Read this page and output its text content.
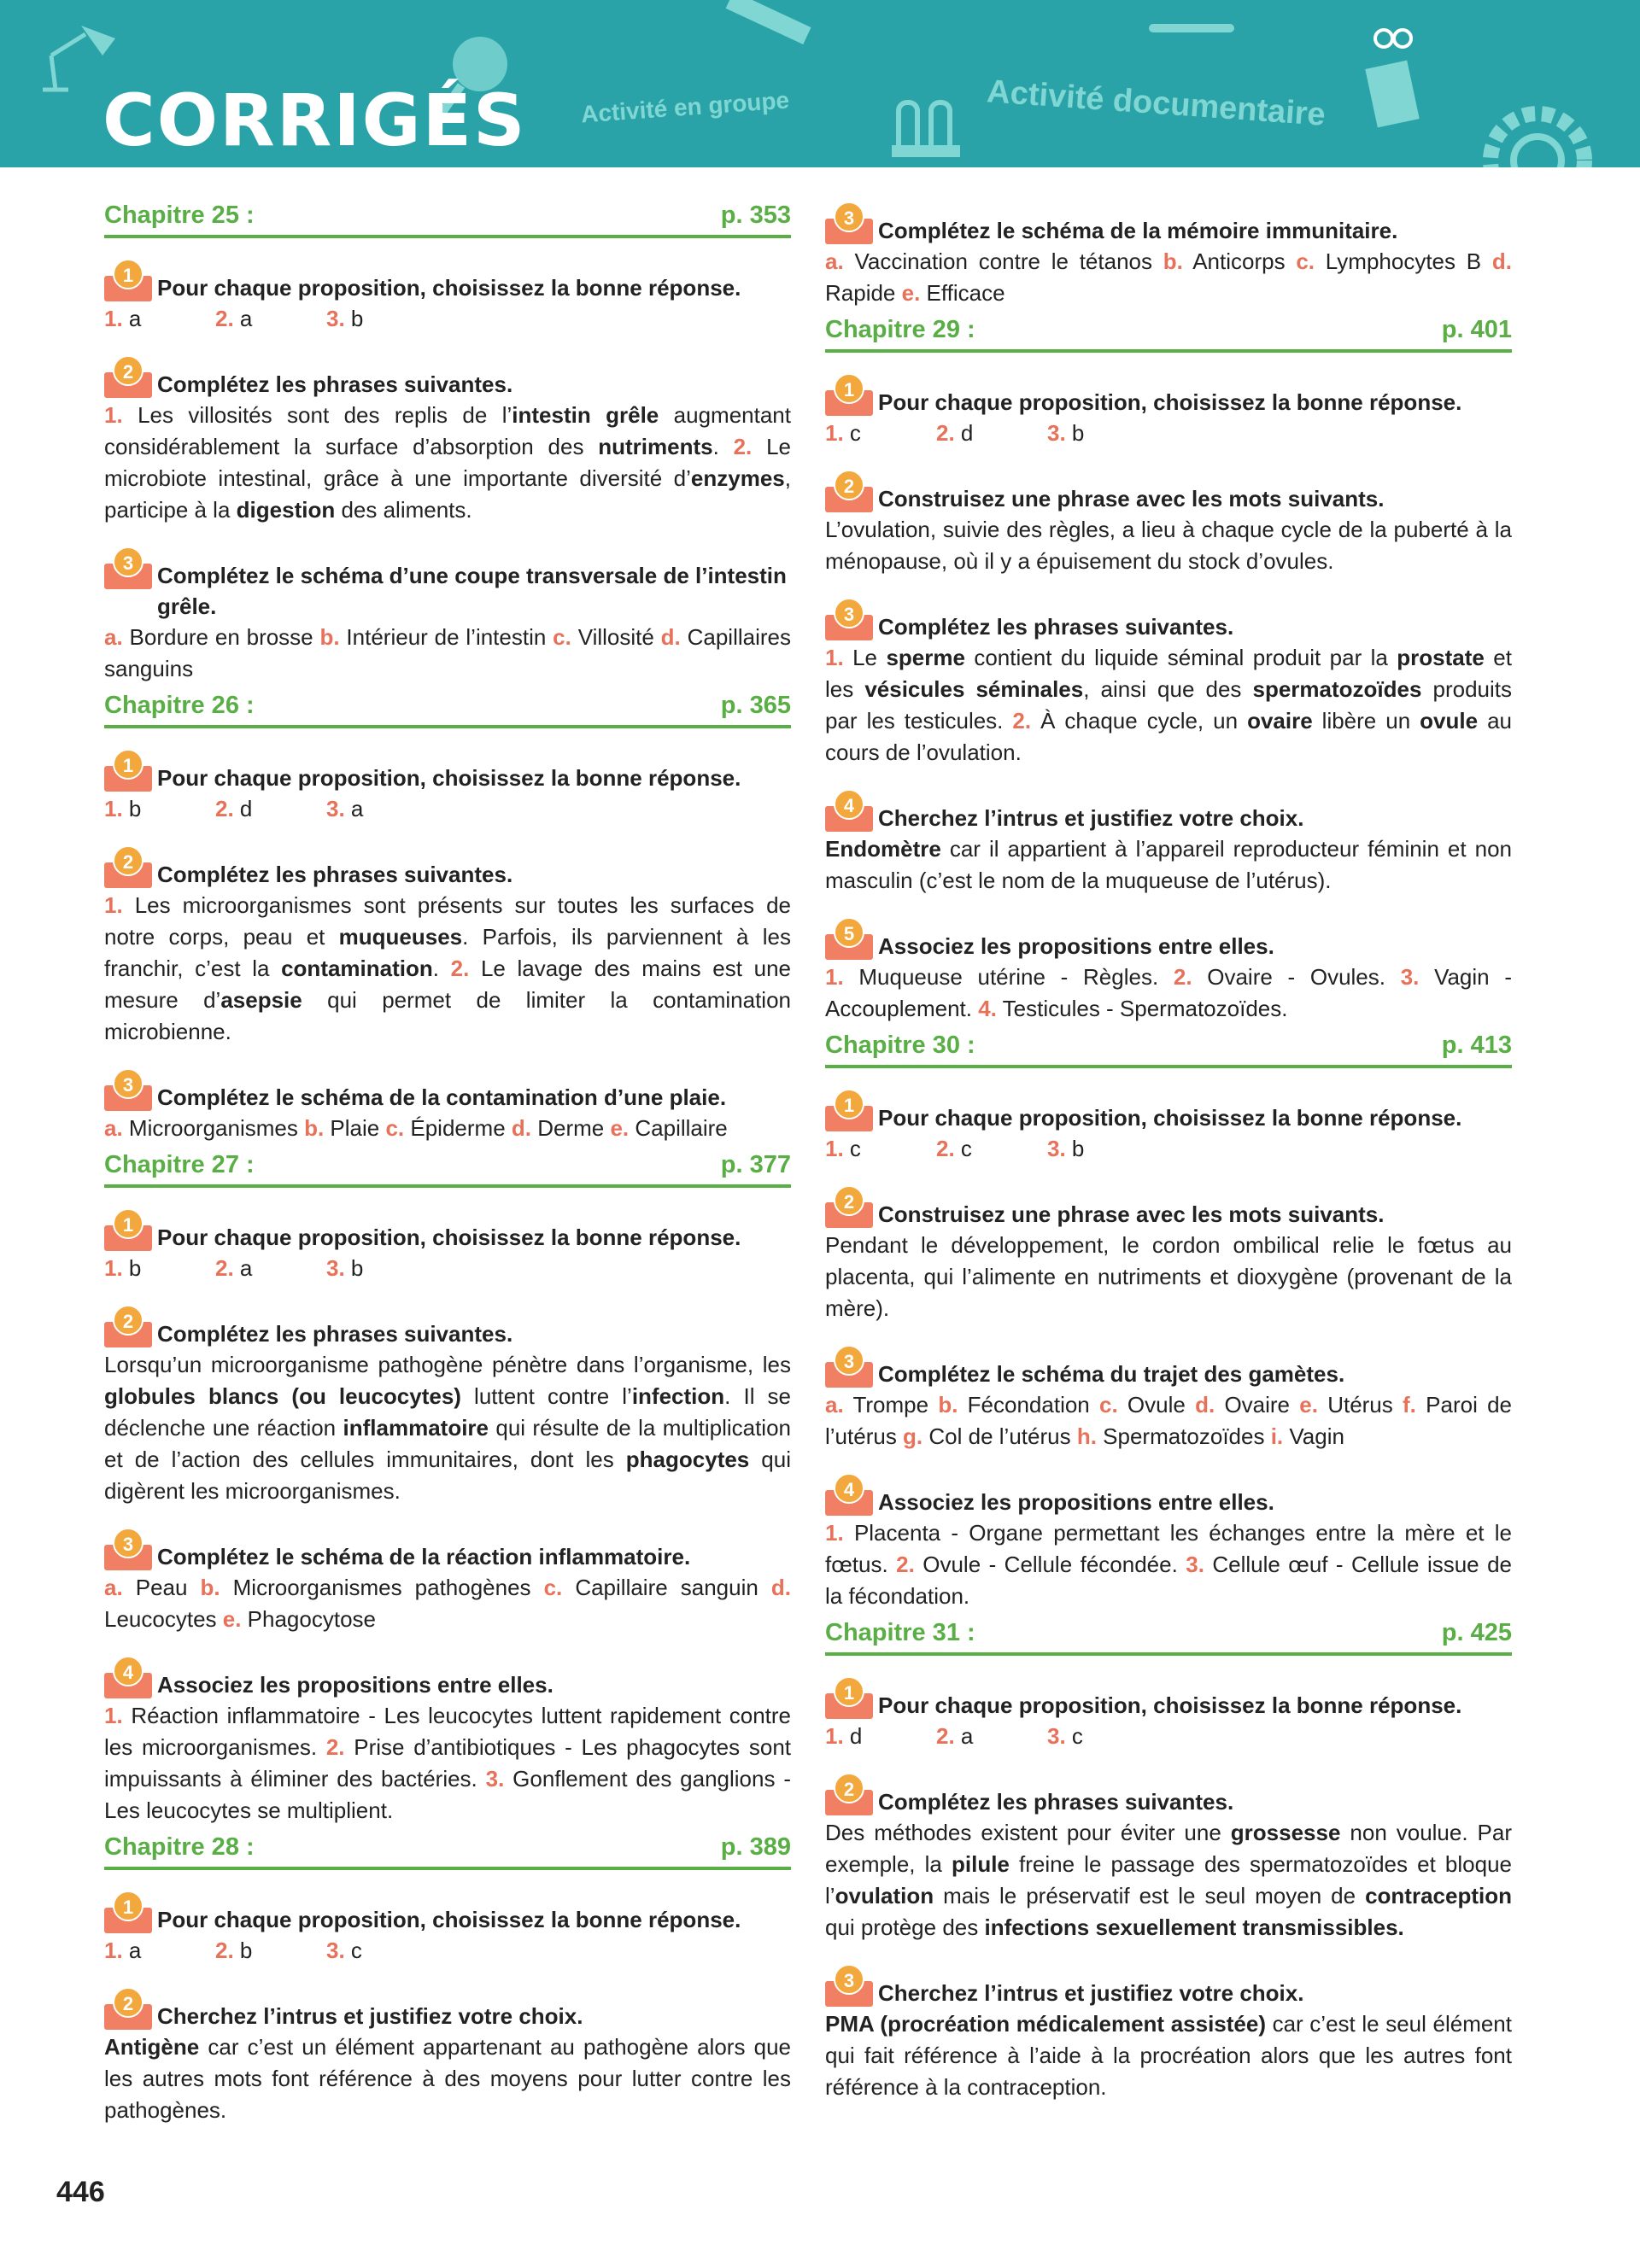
Activité en groupe	Activité documentaire
CORRIGÉS
Chapitre 25 :	p. 353
1	Pour chaque proposition, choisissez la bonne réponse.
1. a	2. a	3. b
2	Complétez les phrases suivantes.
1. Les villosités sont des replis de l’intestin grêle augmentant considérablement la surface d’absorption des nutriments. 2. Le microbiote intestinal, grâce à une importante diversité d’enzymes, participe à la digestion des aliments.
3	Complétez le schéma d’une coupe transversale de l’intestin grêle.
a. Bordure en brosse b. Intérieur de l’intestin c. Villosité d. Capillaires sanguins
Chapitre 26 :	p. 365
1	Pour chaque proposition, choisissez la bonne réponse.
1. b	2. d	3. a
2	Complétez les phrases suivantes.
1. Les microorganismes sont présents sur toutes les surfaces de notre corps, peau et muqueuses. Parfois, ils parviennent à les franchir, c’est la contamination. 2. Le lavage des mains est une mesure d’asepsie qui permet de limiter la contamination microbienne.
3	Complétez le schéma de la contamination d’une plaie.
a. Microorganismes b. Plaie c. Épiderme d. Derme e. Capillaire
Chapitre 27 :	p. 377
1	Pour chaque proposition, choisissez la bonne réponse.
1. b	2. a	3. b
2	Complétez les phrases suivantes.
Lorsqu’un microorganisme pathogène pénètre dans l’organisme, les globules blancs (ou leucocytes) luttent contre l’infection. Il se déclenche une réaction inflammatoire qui résulte de la multiplication et de l’action des cellules immunitaires, dont les phagocytes qui digèrent les microorganismes.
3	Complétez le schéma de la réaction inflammatoire.
a. Peau b. Microorganismes pathogènes c. Capillaire sanguin d. Leucocytes e. Phagocytose
4	Associez les propositions entre elles.
1. Réaction inflammatoire - Les leucocytes luttent rapidement contre les microorganismes. 2. Prise d’antibiotiques - Les phagocytes sont impuissants à éliminer des bactéries. 3. Gonflement des ganglions - Les leucocytes se multiplient.
Chapitre 28 :	p. 389
1	Pour chaque proposition, choisissez la bonne réponse.
1. a	2. b	3. c
2	Cherchez l’intrus et justifiez votre choix.
Antigène car c’est un élément appartenant au pathogène alors que les autres mots font référence à des moyens pour lutter contre les pathogènes.
3	Complétez le schéma de la mémoire immunitaire.
a. Vaccination contre le tétanos b. Anticorps c. Lymphocytes B d. Rapide e. Efficace
Chapitre 29 :	p. 401
1	Pour chaque proposition, choisissez la bonne réponse.
1. c	2. d	3. b
2	Construisez une phrase avec les mots suivants.
L’ovulation, suivie des règles, a lieu à chaque cycle de la puberté à la ménopause, où il y a épuisement du stock d’ovules.
3	Complétez les phrases suivantes.
1. Le sperme contient du liquide séminal produit par la prostate et les vésicules séminales, ainsi que des spermatozoïdes produits par les testicules. 2. À chaque cycle, un ovaire libère un ovule au cours de l’ovulation.
4	Cherchez l’intrus et justifiez votre choix.
Endomètre car il appartient à l’appareil reproducteur féminin et non masculin (c’est le nom de la muqueuse de l’utérus).
5	Associez les propositions entre elles.
1. Muqueuse utérine - Règles. 2. Ovaire - Ovules. 3. Vagin - Accouplement. 4. Testicules - Spermatozoïdes.
Chapitre 30 :	p. 413
1	Pour chaque proposition, choisissez la bonne réponse.
1. c	2. c	3. b
2	Construisez une phrase avec les mots suivants.
Pendant le développement, le cordon ombilical relie le fœtus au placenta, qui l’alimente en nutriments et dioxygène (provenant de la mère).
3	Complétez le schéma du trajet des gamètes.
a. Trompe b. Fécondation c. Ovule d. Ovaire e. Utérus f. Paroi de l’utérus g. Col de l’utérus h. Spermatozoïdes i. Vagin
4	Associez les propositions entre elles.
1. Placenta - Organe permettant les échanges entre la mère et le fœtus. 2. Ovule - Cellule fécondée. 3. Cellule œuf - Cellule issue de la fécondation.
Chapitre 31 :	p. 425
1	Pour chaque proposition, choisissez la bonne réponse.
1. d	2. a	3. c
2	Complétez les phrases suivantes.
Des méthodes existent pour éviter une grossesse non voulue. Par exemple, la pilule freine le passage des spermatozoïdes et bloque l’ovulation mais le préservatif est le seul moyen de contraception qui protège des infections sexuellement transmissibles.
3	Cherchez l’intrus et justifiez votre choix.
PMA (procréation médicalement assistée) car c’est le seul élément qui fait référence à l’aide à la procréation alors que les autres font référence à la contraception.
446
